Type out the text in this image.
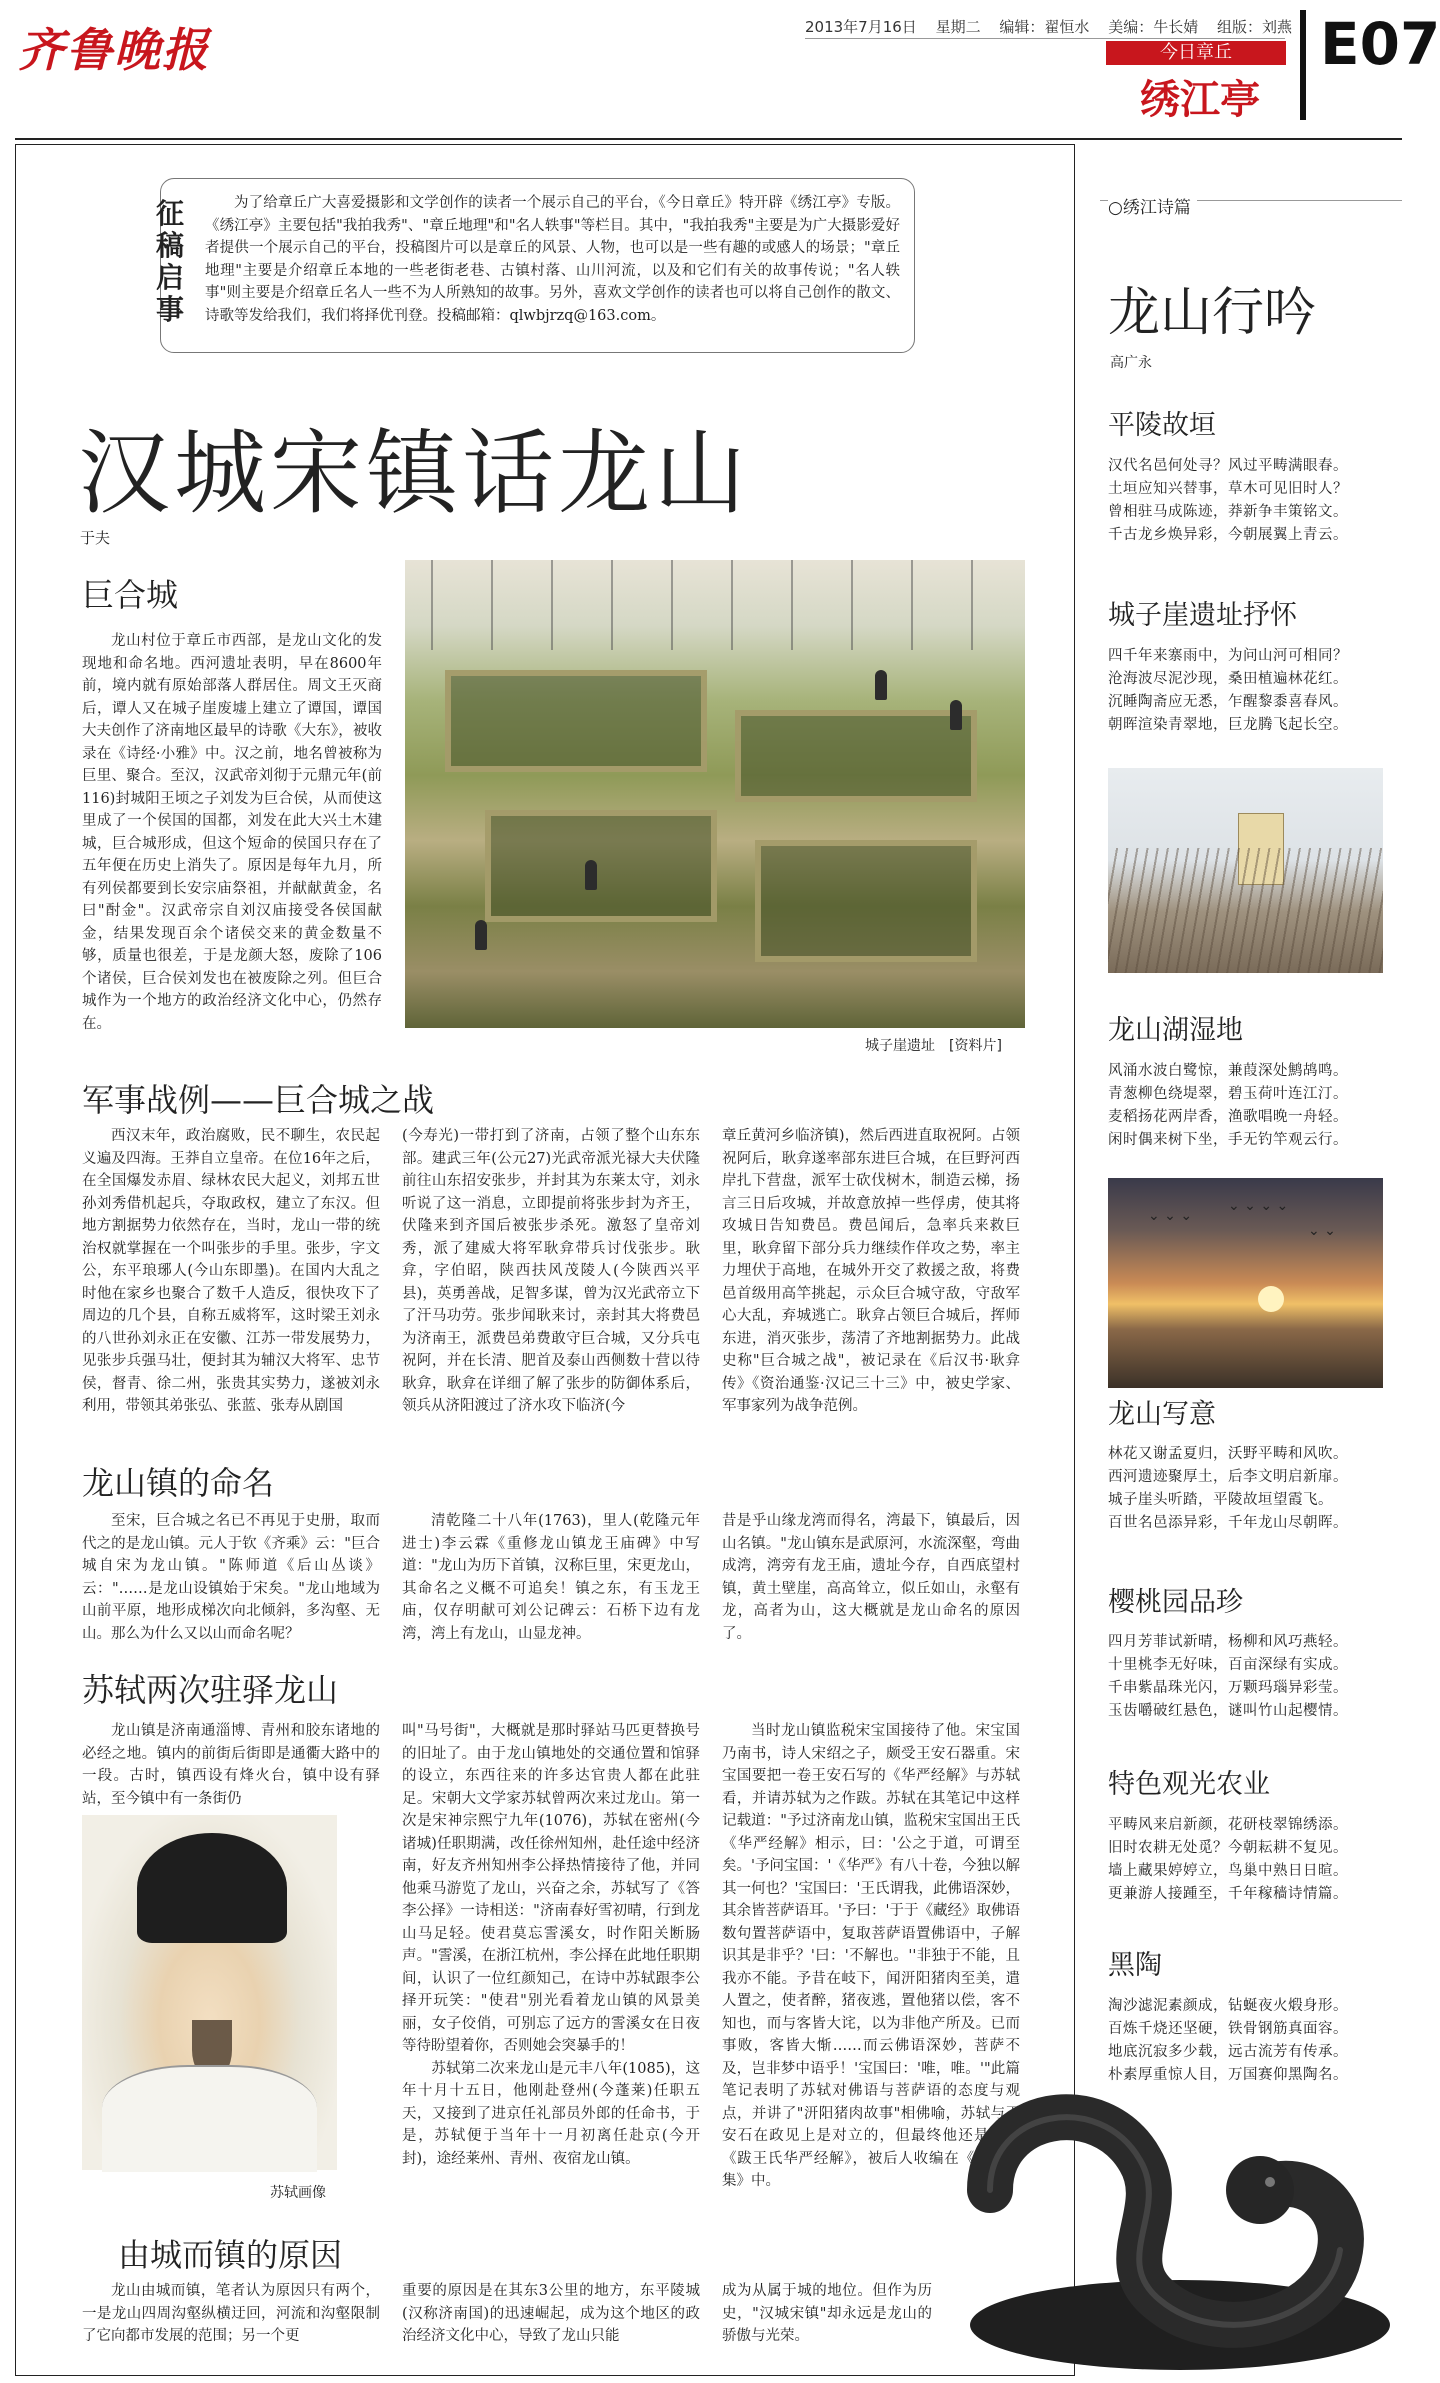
齐鲁晚报	2013年7月16日 星期二 编辑：翟恒水 美编：牛长婧 组版：刘燕
今日章丘
绣江亭
E07
征稿启事

为了给章丘广大喜爱摄影和文学创作的读者一个展示自己的平台，《今日章丘》特开辟《绣江亭》专版。《绣江亭》主要包括"我拍我秀"、"章丘地理"和"名人轶事"等栏目。其中，"我拍我秀"主要是为广大摄影爱好者提供一个展示自己的平台，投稿图片可以是章丘的风景、人物，也可以是一些有趣的或感人的场景；"章丘地理"主要是介绍章丘本地的一些老街老巷、古镇村落、山川河流，以及和它们有关的故事传说；"名人轶事"则主要是介绍章丘名人一些不为人所熟知的故事。另外，喜欢文学创作的读者也可以将自己创作的散文、诗歌等发给我们，我们将择优刊登。投稿邮箱：qlwbjrzq@163.com。

汉城宋镇话龙山
于夫
巨合城

龙山村位于章丘市西部，是龙山文化的发现地和命名地。西河遗址表明，早在8600年前，境内就有原始部落人群居住。周文王灭商后，谭人又在城子崖废墟上建立了谭国，谭国大夫创作了济南地区最早的诗歌《大东》，被收录在《诗经·小雅》中。汉之前，地名曾被称为巨里、聚合。至汉，汉武帝刘彻于元鼎元年(前116)封城阳王顷之子刘发为巨合侯，从而使这里成了一个侯国的国都，刘发在此大兴土木建城，巨合城形成，但这个短命的侯国只存在了五年便在历史上消失了。原因是每年九月，所有列侯都要到长安宗庙祭祖，并献献黄金，名曰"酎金"。汉武帝宗自刘汉庙接受各侯国献金，结果发现百余个诸侯交来的黄金数量不够，质量也很差，于是龙颜大怒，废除了106个诸侯，巨合侯刘发也在被废除之列。但巨合城作为一个地方的政治经济文化中心，仍然存在。

城子崖遗址　[资料片]
军事战例——巨合城之战

西汉末年，政治腐败，民不聊生，农民起义遍及四海。王莽自立皇帝。在位16年之后，在全国爆发赤眉、绿林农民大起义，刘邦五世孙刘秀借机起兵，夺取政权，建立了东汉。但地方割据势力依然存在，当时，龙山一带的统治权就掌握在一个叫张步的手里。张步，字文公，东平琅琊人(今山东即墨)。在国内大乱之时他在家乡也聚合了数千人造反，很快攻下了周边的几个县，自称五威将军，这时梁王刘永的八世孙刘永正在安徽、江苏一带发展势力，见张步兵强马壮，便封其为辅汉大将军、忠节侯，督青、徐二州，张贵其实势力，遂被刘永利用，带领其弟张弘、张蓝、张寿从剧国

(今寿光)一带打到了济南，占领了整个山东东部。建武三年(公元27)光武帝派光禄大夫伏隆前往山东招安张步，并封其为东莱太守，刘永听说了这一消息，立即提前将张步封为齐王，伏隆来到齐国后被张步杀死。激怒了皇帝刘秀，派了建威大将军耿弇带兵讨伐张步。耿弇，字伯昭，陕西扶风茂陵人(今陕西兴平县)，英勇善战，足智多谋，曾为汉光武帝立下了汗马功劳。张步闻耿来讨，亲封其大将费邑为济南王，派费邑弟费敢守巨合城，又分兵屯祝阿，并在长清、肥首及泰山西侧数十营以待耿弇，耿弇在详细了解了张步的防御体系后，领兵从济阳渡过了济水攻下临济(今

章丘黄河乡临济镇)，然后西进直取祝阿。占领祝阿后，耿弇遂率部东进巨合城，在巨野河西岸扎下营盘，派军士砍伐树木，制造云梯，扬言三日后攻城，并故意放掉一些俘虏，使其将攻城日告知费邑。费邑闻后，急率兵来救巨里，耿弇留下部分兵力继续作佯攻之势，率主力埋伏于高地，在城外开交了救援之敌，将费邑首级用高竿挑起，示众巨合城守敌，守敌军心大乱，弃城逃亡。耿弇占领巨合城后，挥师东进，消灭张步，荡清了齐地割据势力。此战史称"巨合城之战"，被记录在《后汉书·耿弇传》《资治通鉴·汉记三十三》中，被史学家、军事家列为战争范例。

龙山镇的命名

至宋，巨合城之名已不再见于史册，取而代之的是龙山镇。元人于钦《齐乘》云："巨合城自宋为龙山镇。"陈师道《后山丛谈》云："……是龙山设镇始于宋矣。"龙山地域为山前平原，地形成梯次向北倾斜，多沟壑、无山。那么为什么又以山而命名呢？

清乾隆二十八年(1763)，里人(乾隆元年进士)李云霖《重修龙山镇龙王庙碑》中写道："龙山为历下首镇，汉称巨里，宋更龙山，其命名之义概不可追矣！镇之东，有玉龙王庙，仅存明献可刘公记碑云：石桥下边有龙湾，湾上有龙山，山显龙神。

昔是乎山缘龙湾而得名，湾最下，镇最后，因山名镇。"龙山镇东是武原河，水流深壑，弯曲成湾，湾旁有龙王庙，遗址今存，自西底望村镇，黄土壁崖，高高耸立，似丘如山，永壑有龙，高者为山，这大概就是龙山命名的原因了。

苏轼两次驻驿龙山

龙山镇是济南通淄博、青州和胶东诸地的必经之地。镇内的前街后街即是通衢大路中的一段。古时，镇西设有烽火台，镇中设有驿站，至今镇中有一条街仍

苏轼画像

叫"马号街"，大概就是那时驿站马匹更替换号的旧址了。由于龙山镇地处的交通位置和馆驿的设立，东西往来的许多达官贵人都在此驻足。宋朝大文学家苏轼曾两次来过龙山。第一次是宋神宗熙宁九年(1076)，苏轼在密州(今诸城)任职期满，改任徐州知州，赴任途中经济南，好友齐州知州李公择热情接待了他，并同他乘马游览了龙山，兴奋之余，苏轼写了《答李公择》一诗相送："济南春好雪初晴，行到龙山马足轻。使君莫忘霅溪女，时作阳关断肠声。"霅溪，在浙江杭州，李公择在此地任职期间，认识了一位红颜知己，在诗中苏轼跟李公择开玩笑："使君"别光看着龙山镇的风景美丽，女子佼俏，可别忘了远方的霅溪女在日夜等待盼望着你，否则她会突暴手的！
　　苏轼第二次来龙山是元丰八年(1085)，这年十月十五日，他刚赴登州(今蓬莱)任职五天，又接到了进京任礼部员外郎的任命书，于是，苏轼便于当年十一月初离任赴京(今开封)，途经莱州、青州、夜宿龙山镇。

当时龙山镇监税宋宝国接待了他。宋宝国乃南书，诗人宋绍之子，颇受王安石器重。宋宝国要把一卷王安石写的《华严经解》与苏轼看，并请苏轼为之作跋。苏轼在其笔记中这样记载道："予过济南龙山镇，监税宋宝国出王氏《华严经解》相示，曰：'公之于道，可谓至矣。'予问宝国：'《华严》有八十卷，今独以解其一何也？'宝国曰：'王氏谓我，此佛语深妙，其余皆菩萨语耳。'予曰：'于于《藏经》取佛语数句置菩萨语中，复取菩萨语置佛语中，子解识其是非乎？'曰：'不解也。''非独于不能，且我亦不能。予昔在岐下，闻汧阳猪肉至美，遣人置之，使者醉，猪夜逃，置他猪以偿，客不知也，而与客皆大诧，以为非他产所及。已而事败，客皆大惭……而云佛语深妙，菩萨不及，岂非梦中语乎！'宝国曰：'唯，唯。'"此篇笔记表明了苏轼对佛语与菩萨语的态度与观点，并讲了"汧阳猪肉故事"相佛喻，苏轼与王安石在政见上是对立的，但最终他还是作了《跋王氏华严经解》，被后人收编在《苏轼文集》中。

由城而镇的原因

龙山由城而镇，笔者认为原因只有两个，一是龙山四周沟壑纵横迂回，河流和沟壑限制了它向都市发展的范围；另一个更

重要的原因是在其东3公里的地方，东平陵城(汉称济南国)的迅速崛起，成为这个地区的政治经济文化中心，导致了龙山只能

成为从属于城的地位。但作为历史，"汉城宋镇"却永远是龙山的骄傲与光荣。

○绣江诗篇
龙山行吟
高广永
平陵故垣
汉代名邑何处寻？风过平畴满眼春。
土垣应知兴替事，草木可见旧时人？
曾相驻马成陈迹，莽新争丰策铭文。
千古龙乡焕异彩，今朝展翼上青云。
城子崖遗址抒怀
四千年来寨雨中，为问山河可相同？
沧海波尽泥沙现，桑田植遍林花红。
沉睡陶斋应无悉，乍醒黎黍喜春风。
朝晖渲染青翠地，巨龙腾飞起长空。
龙山湖湿地
风涌水波白鹭惊，兼葭深处鹪鸪鸣。
青葱柳色绕堤翠，碧玉荷叶连江汀。
麦稻扬花两岸香，渔歌唱晚一舟轻。
闲时偶来树下坐，手无钓竿观云行。
⌄ ⌄ ⌄
⌄ ⌄ ⌄ ⌄
⌄ ⌄
龙山写意
林花又谢孟夏归，沃野平畴和风吹。
西河遗迹聚厚土，后李文明启新扉。
城子崖头听踏，平陵故垣望霞飞。
百世名邑添异彩，千年龙山尽朝晖。
樱桃园品珍
四月芳菲试新晴，杨柳和风巧燕轻。
十里桃李无好味，百亩深绿有实成。
千串紫晶珠光闪，万颗玛瑙异彩莹。
玉齿嚼破红悬色，谜叫竹山起樱情。
特色观光农业
平畴风来启新颜，花研枝翠锦绣添。
旧时农耕无处觅？今朝耘耕不复见。
墙上藏果婷婷立，鸟巢中熟日日暄。
更兼游人接踵至，千年稼穑诗情篇。
黑陶
淘沙滤泥素颜成，钻蜒夜火煅身形。
百炼千烧还坚硬，铁骨钢筋真面容。
地底沉寂多少载，远古流芳有传承。
朴素厚重惊人目，万国赛仰黑陶名。
